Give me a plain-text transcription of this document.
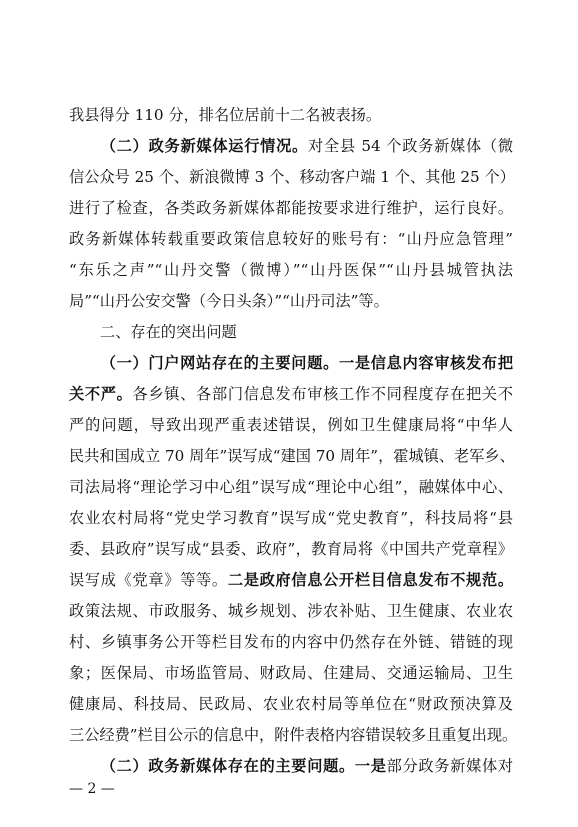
我县得分 110 分，排名位居前十二名被表扬。
（二）政务新媒体运行情况。对全县 54 个政务新媒体（微
信公众号 25 个、新浪微博 3 个、移动客户端 1 个、其他 25 个）
进行了检查，各类政务新媒体都能按要求进行维护，运行良好。
政务新媒体转载重要政策信息较好的账号有：“山丹应急管理”
“东乐之声”“山丹交警（微博）”“山丹医保”“山丹县城管执法
局”“山丹公安交警（今日头条）”“山丹司法”等。
二、存在的突出问题
（一）门户网站存在的主要问题。一是信息内容审核发布把
关不严。各乡镇、各部门信息发布审核工作不同程度存在把关不
严的问题，导致出现严重表述错误，例如卫生健康局将“中华人
民共和国成立 70 周年”误写成“建国 70 周年”，霍城镇、老军乡、
司法局将“理论学习中心组”误写成“理论中心组”，融媒体中心、
农业农村局将“党史学习教育”误写成“党史教育”，科技局将“县
委、县政府”误写成“县委、政府”，教育局将《中国共产党章程》
误写成《党章》等等。二是政府信息公开栏目信息发布不规范。
政策法规、市政服务、城乡规划、涉农补贴、卫生健康、农业农
村、乡镇事务公开等栏目发布的内容中仍然存在外链、错链的现
象；医保局、市场监管局、财政局、住建局、交通运输局、卫生
健康局、科技局、民政局、农业农村局等单位在“财政预决算及
三公经费”栏目公示的信息中，附件表格内容错误较多且重复出现。
（二）政务新媒体存在的主要问题。一是部分政务新媒体对
— 2 —
